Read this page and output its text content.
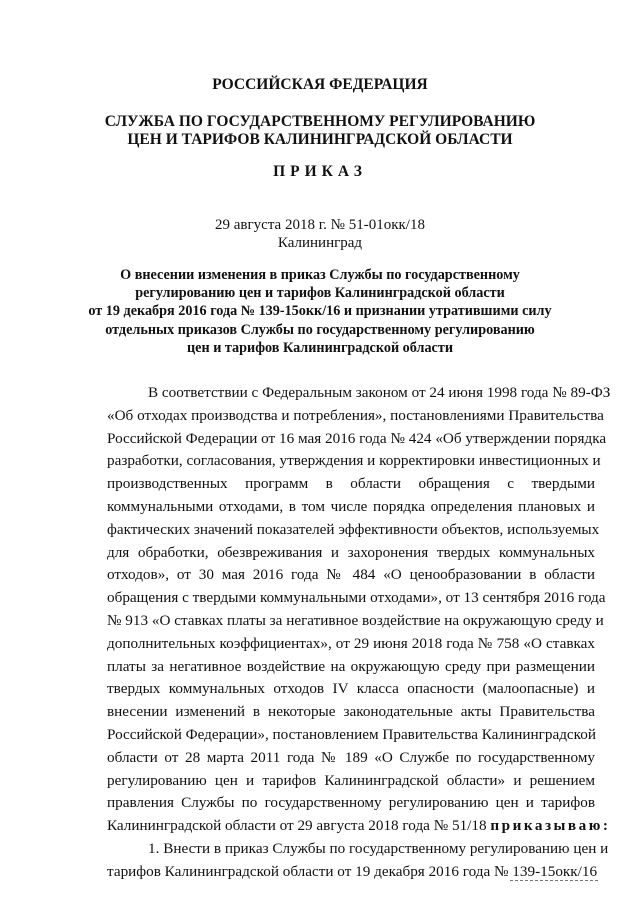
РОССИЙСКАЯ ФЕДЕРАЦИЯ
СЛУЖБА ПО ГОСУДАРСТВЕННОМУ РЕГУЛИРОВАНИЮ
ЦЕН И ТАРИФОВ КАЛИНИНГРАДСКОЙ ОБЛАСТИ
ПРИКАЗ
29 августа 2018 г. № 51-01окк/18
Калининград
О внесении изменения в приказ Службы по государственному
регулированию цен и тарифов Калининградской области
от 19 декабря 2016 года № 139-15окк/16 и признании утратившими силу
отдельных приказов Службы по государственному регулированию
цен и тарифов Калининградской области
В соответствии с Федеральным законом от 24 июня 1998 года № 89-ФЗ
«Об отходах производства и потребления», постановлениями Правительства
Российской Федерации от 16 мая 2016 года № 424 «Об утверждении порядка
разработки, согласования, утверждения и корректировки инвестиционных и
производственных программ в области обращения с твердыми
коммунальными отходами, в том числе порядка определения плановых и
фактических значений показателей эффективности объектов, используемых
для обработки, обезвреживания и захоронения твердых коммунальных
отходов», от 30 мая 2016 года № 484 «О ценообразовании в области
обращения с твердыми коммунальными отходами», от 13 сентября 2016 года
№ 913 «О ставках платы за негативное воздействие на окружающую среду и
дополнительных коэффициентах», от 29 июня 2018 года № 758 «О ставках
платы за негативное воздействие на окружающую среду при размещении
твердых коммунальных отходов IV класса опасности (малоопасные) и
внесении изменений в некоторые законодательные акты Правительства
Российской Федерации», постановлением Правительства Калининградской
области от 28 марта 2011 года № 189 «О Службе по государственному
регулированию цен и тарифов Калининградской области» и решением
правления Службы по государственному регулированию цен и тарифов
Калининградской области от 29 августа 2018 года № 51/18 приказываю:
1. Внести в приказ Службы по государственному регулированию цен и
тарифов Калининградской области от 19 декабря 2016 года № 139-15окк/16
